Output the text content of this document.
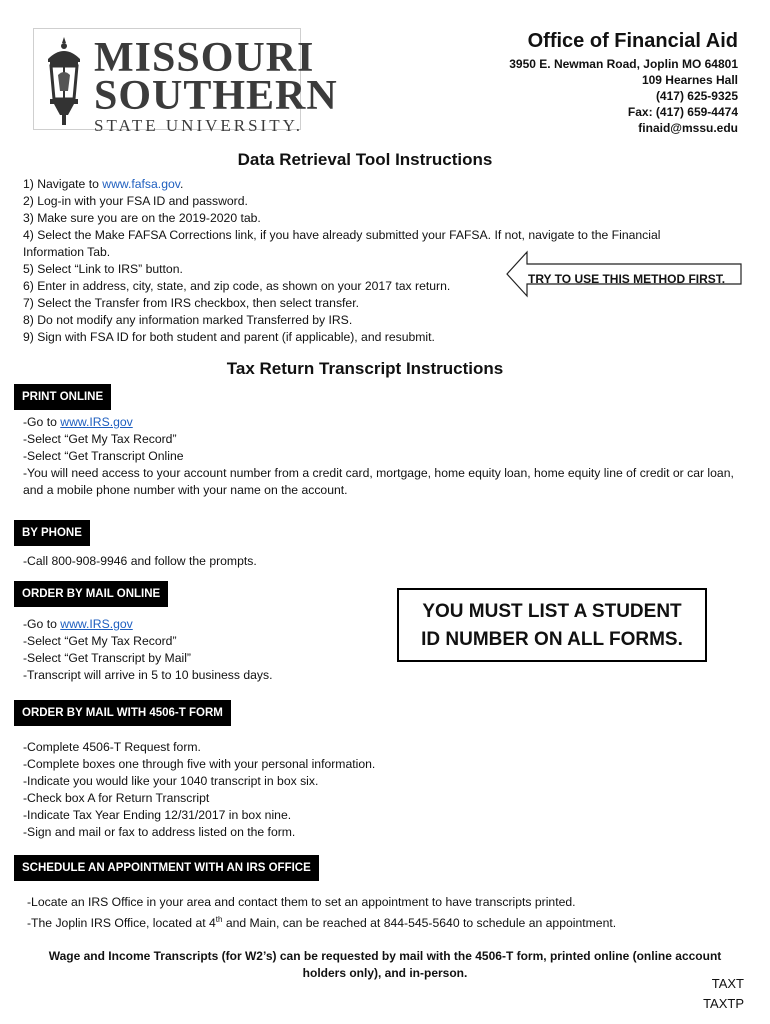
MISSOURI
SOUTHERN
STATE UNIVERSITY.
Office of Financial Aid
3950 E. Newman Road, Joplin MO 64801
109 Hearnes Hall
(417) 625-9325
Fax: (417) 659-4474
finaid@mssu.edu
Data Retrieval Tool Instructions
1) Navigate to www.fafsa.gov.
2) Log-in with your FSA ID and password.
3) Make sure you are on the 2019-2020 tab.
4) Select the Make FAFSA Corrections link, if you have already submitted your FAFSA. If not, navigate to the Financial Information Tab.
5) Select “Link to IRS” button.
6) Enter in address, city, state, and zip code, as shown on your 2017 tax return.
7) Select the Transfer from IRS checkbox, then select transfer.
8) Do not modify any information marked Transferred by IRS.
9) Sign with FSA ID for both student and parent (if applicable), and resubmit.
TRY TO USE THIS METHOD FIRST.
Tax Return Transcript Instructions
PRINT ONLINE
-Go to www.IRS.gov
-Select “Get My Tax Record”
-Select “Get Transcript Online
-You will need access to your account number from a credit card, mortgage, home equity loan, home equity line of credit or car loan, and a mobile phone number with your name on the account.
BY PHONE
-Call 800-908-9946 and follow the prompts.
ORDER BY MAIL ONLINE
-Go to www.IRS.gov
-Select “Get My Tax Record”
-Select “Get Transcript by Mail”
-Transcript will arrive in 5 to 10 business days.
YOU MUST LIST A STUDENT
ID NUMBER ON ALL FORMS.
ORDER BY MAIL WITH 4506-T FORM
-Complete 4506-T Request form.
-Complete boxes one through five with your personal information.
-Indicate you would like your 1040 transcript in box six.
-Check box A for Return Transcript
-Indicate Tax Year Ending 12/31/2017 in box nine.
-Sign and mail or fax to address listed on the form.
SCHEDULE AN APPOINTMENT WITH AN IRS OFFICE
-Locate an IRS Office in your area and contact them to set an appointment to have transcripts printed.
-The Joplin IRS Office, located at 4th and Main, can be reached at 844-545-5640 to schedule an appointment.
Wage and Income Transcripts (for W2’s) can be requested by mail with the 4506-T form, printed online (online account holders only), and in-person.
TAXT
TAXTP
